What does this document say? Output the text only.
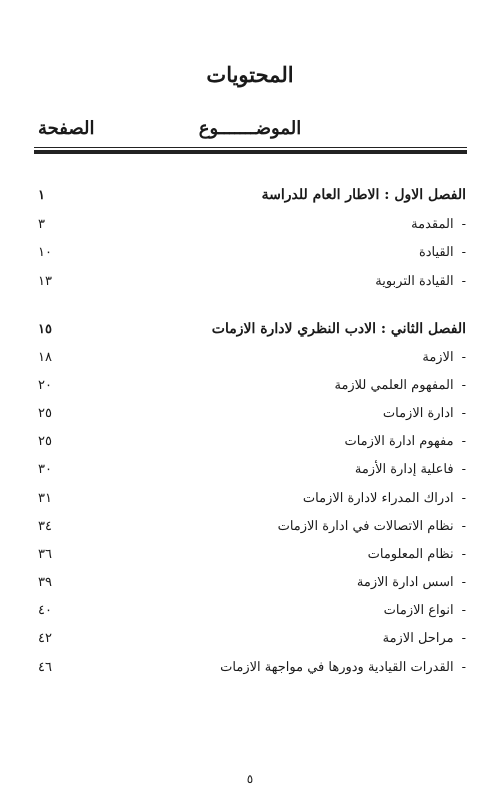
المحتويات
الموضـــــــوع
الصفحة
الفصل الاول : الاطار العام للدراسة
١
-
المقدمة
٣
-
القيادة
١٠
-
القيادة التربوية
١٣
الفصل الثاني : الادب النظري لادارة الازمات
١٥
-
الازمة
١٨
-
المفهوم العلمي للازمة
٢٠
-
ادارة الازمات
٢٥
-
مفهوم ادارة الازمات
٢٥
-
فاعلية إدارة الأزمة
٣٠
-
ادراك المدراء لادارة الازمات
٣١
-
نظام الاتصالات في ادارة الازمات
٣٤
-
نظام المعلومات
٣٦
-
اسس ادارة الازمة
٣٩
-
انواع الازمات
٤٠
-
مراحل الازمة
٤٢
-
القدرات القيادية ودورها في مواجهة الازمات
٤٦
٥
